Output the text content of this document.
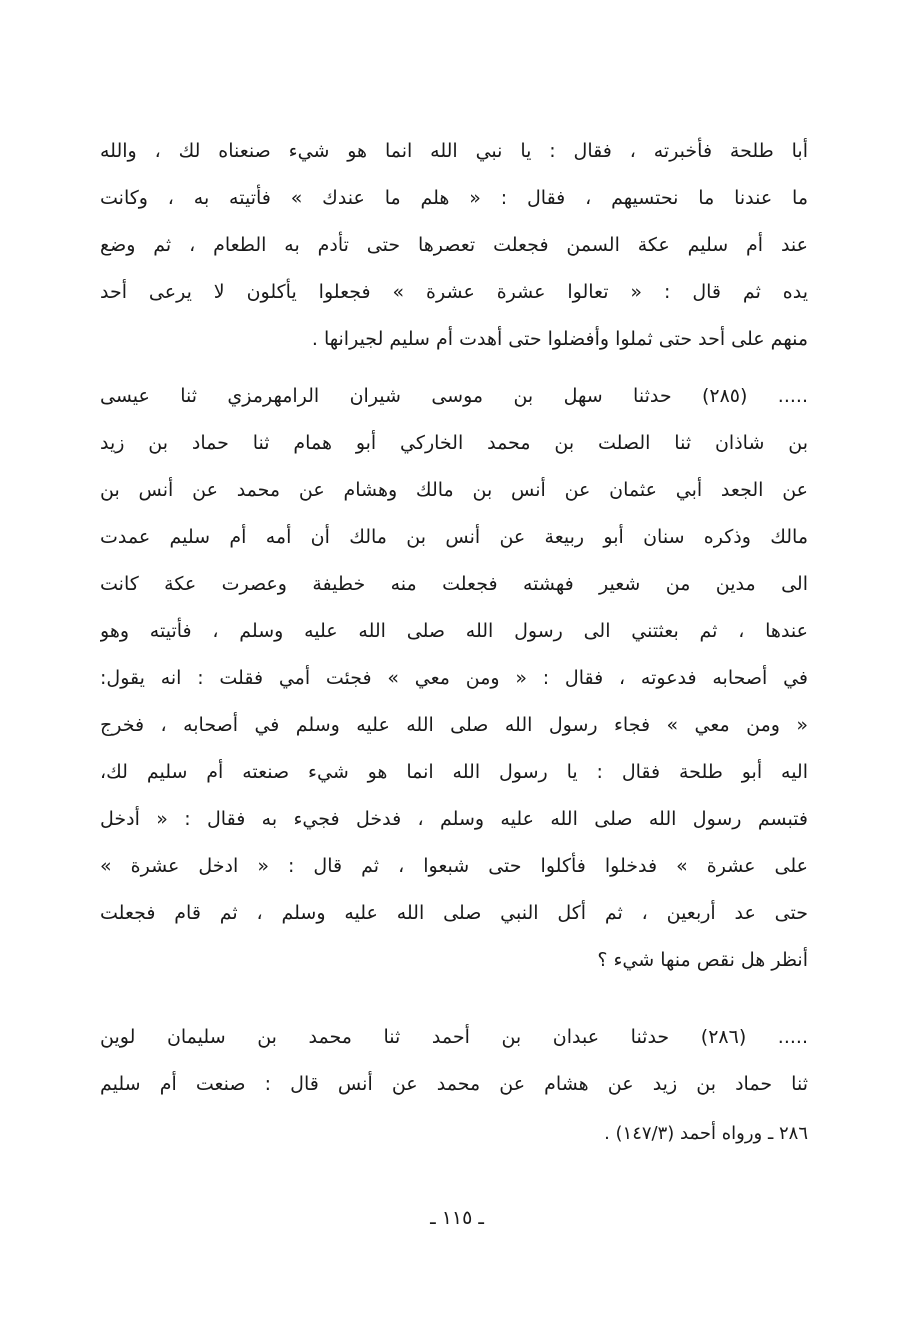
أبا طلحة فأخبرته ، فقال : يا نبي الله انما هو شيء صنعناه لك ، والله
ما عندنا ما نحتسيهم ، فقال : « هلم ما عندك » فأتيته به ، وكانت
عند أم سليم عكة السمن فجعلت تعصرها حتى تأدم به الطعام ، ثم وضع
يده ثم قال : « تعالوا عشرة عشرة » فجعلوا يأكلون لا يرعى أحد
منهم على أحد حتى ثملوا وأفضلوا حتى أهدت أم سليم لجيرانها .
..... (٢٨٥) حدثنا سهل بن موسى شيران الرامهرمزي ثنا عيسى
بن شاذان ثنا الصلت بن محمد الخاركي أبو همام ثنا حماد بن زيد
عن الجعد أبي عثمان عن أنس بن مالك وهشام عن محمد عن أنس بن
مالك وذكره سنان أبو ربيعة عن أنس بن مالك أن أمه أم سليم عمدت
الى مدين من شعير فهشته فجعلت منه خطيفة وعصرت عكة كانت
عندها ، ثم بعثتني الى رسول الله صلى الله عليه وسلم ، فأتيته وهو
في أصحابه فدعوته ، فقال : « ومن معي » فجئت أمي فقلت : انه يقول:
« ومن معي » فجاء رسول الله صلى الله عليه وسلم في أصحابه ، فخرج
اليه أبو طلحة فقال : يا رسول الله انما هو شيء صنعته أم سليم لك،
فتبسم رسول الله صلى الله عليه وسلم ، فدخل فجيء به فقال : « أدخل
على عشرة » فدخلوا فأكلوا حتى شبعوا ، ثم قال : « ادخل عشرة »
حتى عد أربعين ، ثم أكل النبي صلى الله عليه وسلم ، ثم قام فجعلت
أنظر هل نقص منها شيء ؟
..... (٢٨٦) حدثنا عبدان بن أحمد ثنا محمد بن سليمان لوين
ثنا حماد بن زيد عن هشام عن محمد عن أنس قال : صنعت أم سليم
٢٨٦ ـ ورواه أحمد (١٤٧/٣) .
ـ ١١٥ ـ
